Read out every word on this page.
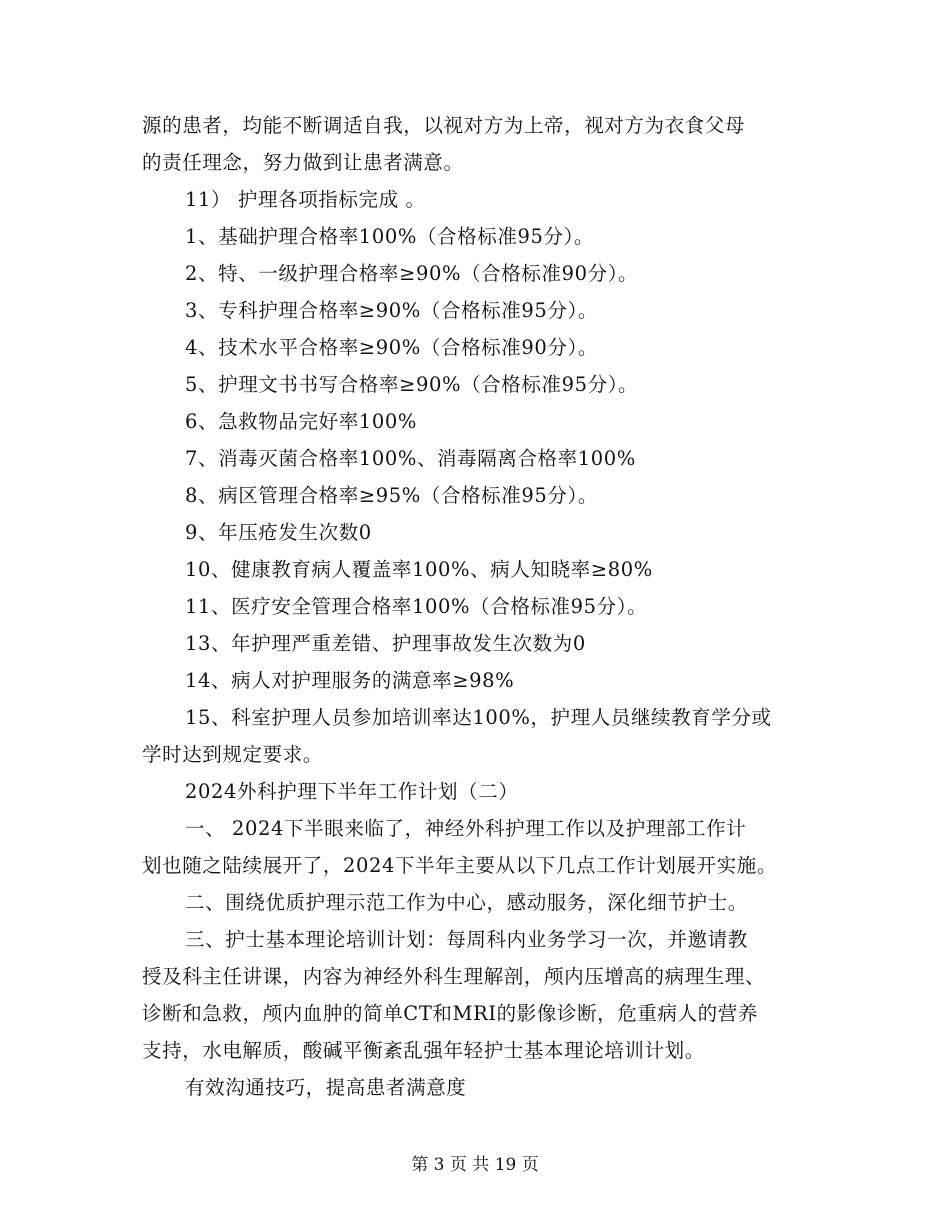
源的患者，均能不断调适自我，以视对方为上帝，视对方为衣食父母
的责任理念，努力做到让患者满意。
11） 护理各项指标完成 。
1、基础护理合格率100%（合格标准95分）。
2、特、一级护理合格率≥90%（合格标准90分）。
3、专科护理合格率≥90%（合格标准95分）。
4、技术水平合格率≥90%（合格标准90分）。
5、护理文书书写合格率≥90%（合格标准95分）。
6、急救物品完好率100%
7、消毒灭菌合格率100%、消毒隔离合格率100%
8、病区管理合格率≥95%（合格标准95分）。
9、年压疮发生次数0
10、健康教育病人覆盖率100%、病人知晓率≥80%
11、医疗安全管理合格率100%（合格标准95分）。
13、年护理严重差错、护理事故发生次数为0
14、病人对护理服务的满意率≥98%
15、科室护理人员参加培训率达100%，护理人员继续教育学分或
学时达到规定要求。
2024外科护理下半年工作计划（二）
一、 2024下半眼来临了，神经外科护理工作以及护理部工作计
划也随之陆续展开了，2024下半年主要从以下几点工作计划展开实施。
二、围绕优质护理示范工作为中心，感动服务，深化细节护士。
三、护士基本理论培训计划：每周科内业务学习一次，并邀请教
授及科主任讲课，内容为神经外科生理解剖，颅内压增高的病理生理、
诊断和急救，颅内血肿的简单CT和MRI的影像诊断，危重病人的营养
支持，水电解质，酸碱平衡紊乱强年轻护士基本理论培训计划。
有效沟通技巧，提高患者满意度
第 3 页 共 19 页
